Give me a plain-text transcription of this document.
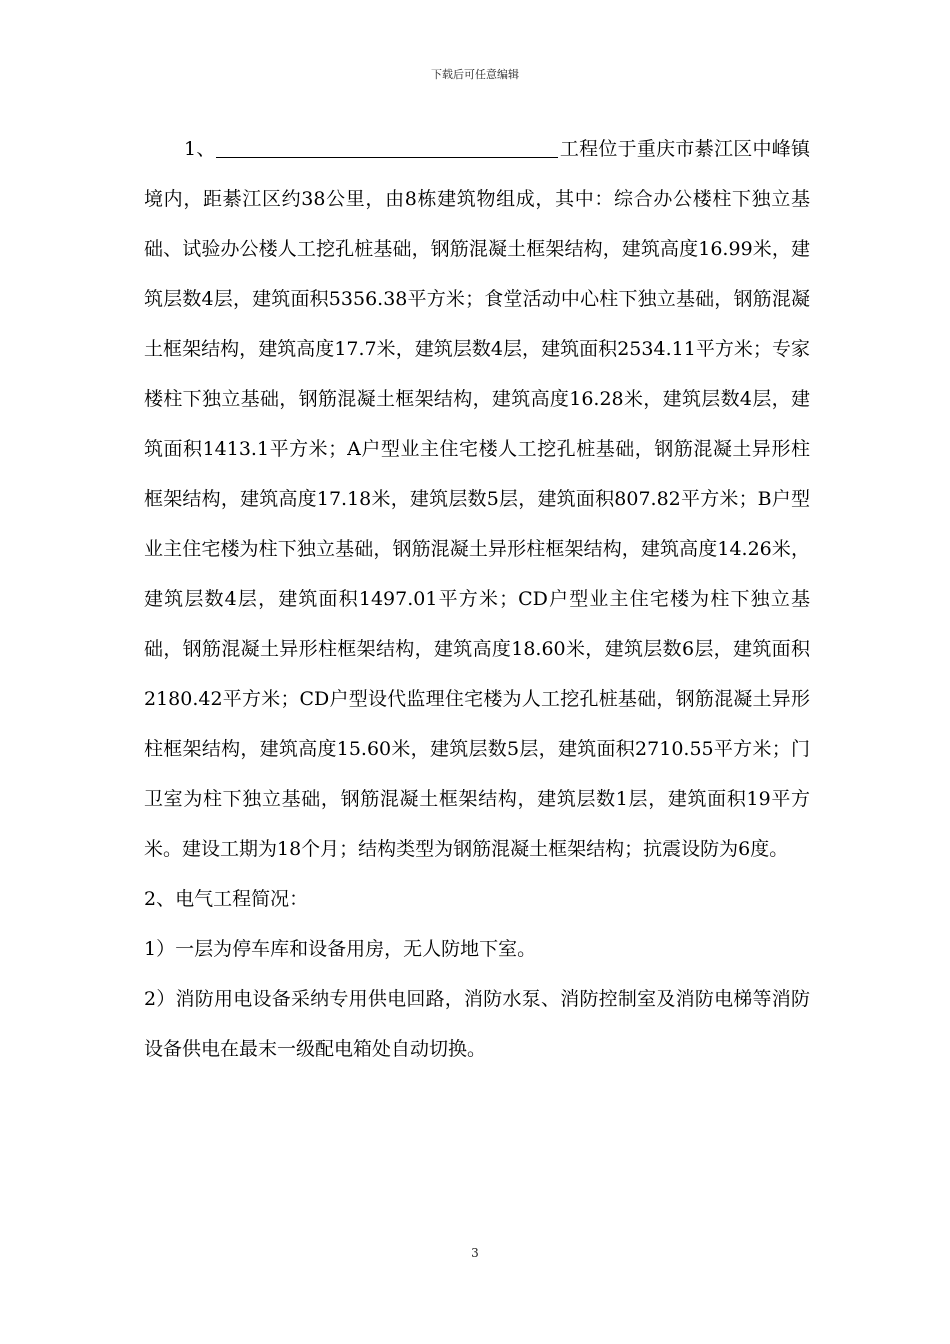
下载后可任意编辑

1、	工程位于重庆市綦江区中峰镇境内，距綦江区约38公里，由8栋建筑物组成，其中：综合办公楼柱下独立基础、试验办公楼人工挖孔桩基础，钢筋混凝土框架结构，建筑高度16.99米，建筑层数4层，建筑面积5356.38平方米；食堂活动中心柱下独立基础，钢筋混凝土框架结构，建筑高度17.7米，建筑层数4层，建筑面积2534.11平方米；专家楼柱下独立基础，钢筋混凝土框架结构，建筑高度16.28米，建筑层数4层，建筑面积1413.1平方米；A户型业主住宅楼人工挖孔桩基础，钢筋混凝土异形柱框架结构，建筑高度17.18米，建筑层数5层，建筑面积807.82平方米；B户型业主住宅楼为柱下独立基础，钢筋混凝土异形柱框架结构，建筑高度14.26米，建筑层数4层，建筑面积1497.01平方米；CD户型业主住宅楼为柱下独立基础，钢筋混凝土异形柱框架结构，建筑高度18.60米，建筑层数6层，建筑面积2180.42平方米；CD户型设代监理住宅楼为人工挖孔桩基础，钢筋混凝土异形柱框架结构，建筑高度15.60米，建筑层数5层，建筑面积2710.55平方米；门卫室为柱下独立基础，钢筋混凝土框架结构，建筑层数1层，建筑面积19平方米。建设工期为18个月；结构类型为钢筋混凝土框架结构；抗震设防为6度。

2、电气工程简况：

1）一层为停车库和设备用房，无人防地下室。

2）消防用电设备采纳专用供电回路，消防水泵、消防控制室及消防电梯等消防设备供电在最末一级配电箱处自动切换。

3
